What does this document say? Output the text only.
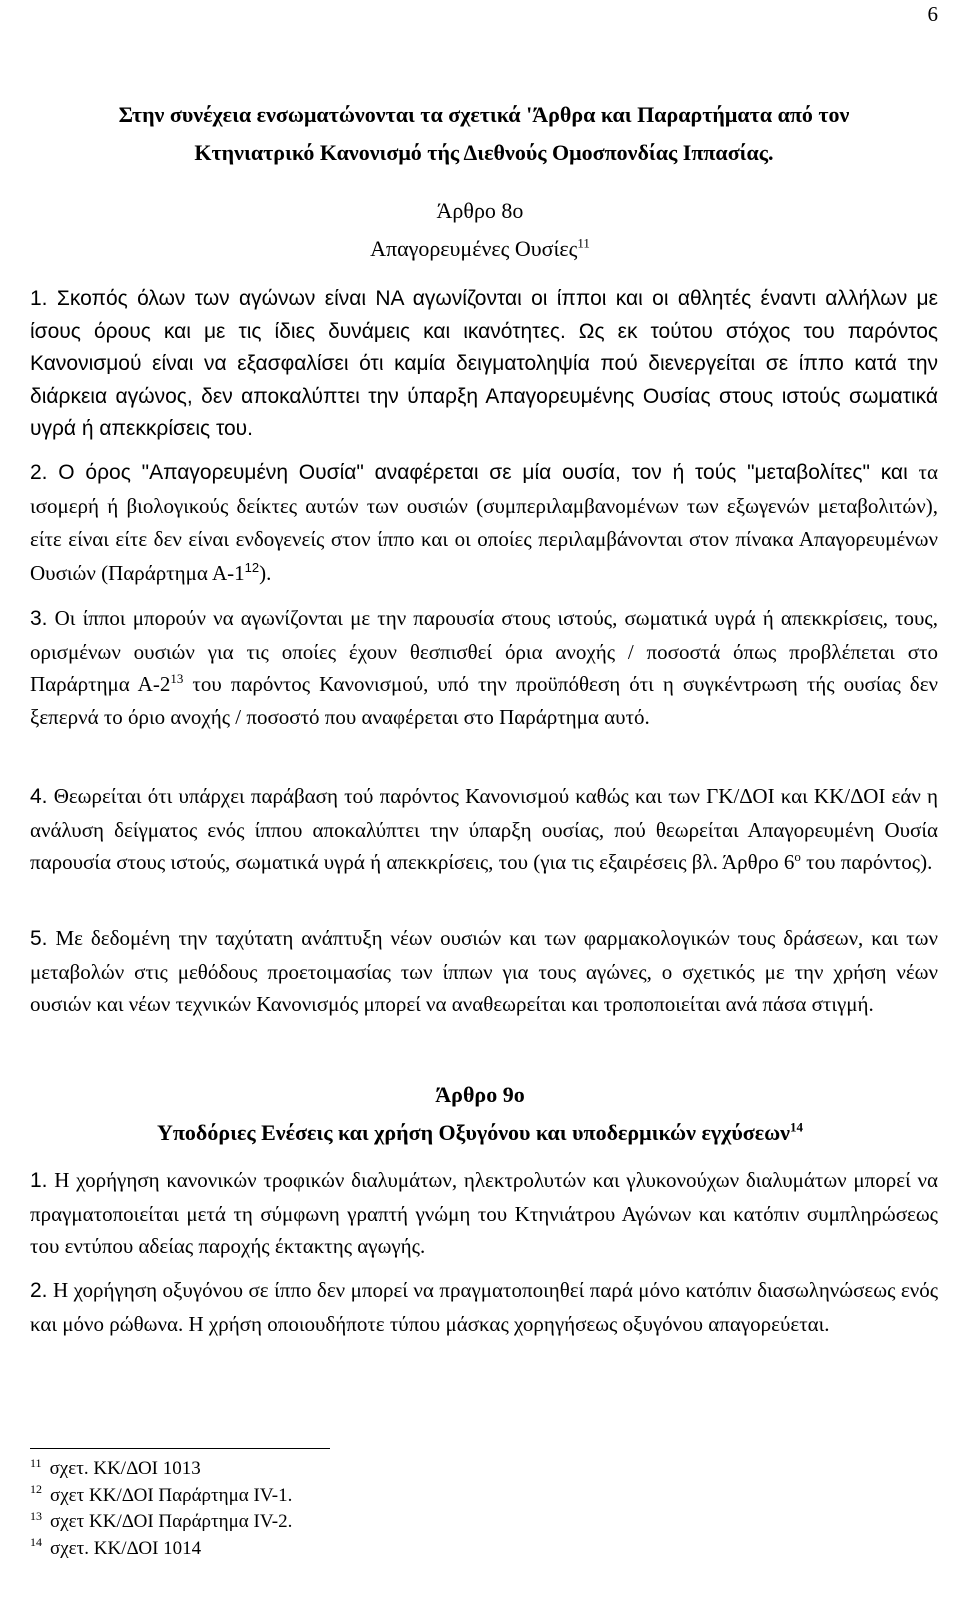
6
Στην συνέχεια ενσωματώνονται τα σχετικά 'Άρθρα και Παραρτήματα από τον
Κτηνιατρικό Κανονισμό τής Διεθνούς Ομοσπονδίας Ιππασίας.
Άρθρο 8ο
Απαγορευμένες Ουσίες$^{11}$
1. Σκοπός όλων των αγώνων είναι ΝΑ αγωνίζονται οι ίπποι και οι αθλητές έναντι αλλήλων με ίσους όρους και με τις ίδιες δυνάμεις και ικανότητες. Ως εκ τούτου στόχος του παρόντος Κανονισμού είναι να εξασφαλίσει ότι καμία δειγματοληψία πού διενεργείται σε ίππο κατά την διάρκεια αγώνος, δεν αποκαλύπτει την ύπαρξη Απαγορευμένης Ουσίας στους ιστούς σωματικά υγρά ή απεκκρίσεις του.
2. Ο όρος "Απαγορευμένη Ουσία" αναφέρεται σε μία ουσία, τον ή τούς "μεταβολίτες" και τα ισομερή ή βιολογικούς δείκτες αυτών των ουσιών (συμπεριλαμβανομένων των εξωγενών μεταβολιτών), είτε είναι είτε δεν είναι ενδογενείς στον ίππο και οι οποίες περιλαμβάνονται στον πίνακα Απαγορευμένων Ουσιών (Παράρτημα $A-1^{12}$).
3. Οι ίπποι μπορούν να αγωνίζονται με την παρουσία στους ιστούς, σωματικά υγρά ή απεκκρίσεις, τους, ορισμένων ουσιών για τις οποίες έχουν θεσπισθεί όρια ανοχής / ποσοστά όπως προβλέπεται στο Παράρτημα $A-2^{13}$ του παρόντος Κανονισμού, υπό την προϋπόθεση ότι η συγκέντρωση τής ουσίας δεν ξεπερνά το όριο ανοχής / ποσοστό που αναφέρεται στο Παράρτημα αυτό.
4. Θεωρείται ότι υπάρχει παράβαση τού παρόντος Κανονισμού καθώς και των ΓΚ/ΔΟΙ και ΚΚ/ΔΟΙ εάν η ανάλυση δείγματος ενός ίππου αποκαλύπτει την ύπαρξη ουσίας, πού θεωρείται Απαγορευμένη Ουσία παρουσία στους ιστούς, σωματικά υγρά ή απεκκρίσεις, του (για τις εξαιρέσεις βλ. Άρθρο $6^o$ του παρόντος).
5. Με δεδομένη την ταχύτατη ανάπτυξη νέων ουσιών και των φαρμακολογικών τους δράσεων, και των μεταβολών στις μεθόδους προετοιμασίας των ίππων για τους αγώνες, ο σχετικός με την χρήση νέων ουσιών και νέων τεχνικών Κανονισμός μπορεί να αναθεωρείται και τροποποιείται ανά πάσα στιγμή.
Άρθρο 9ο
Υποδόριες Ενέσεις και χρήση Οξυγόνου και υποδερμικών εγχύσεων$^{14}$
1. Η χορήγηση κανονικών τροφικών διαλυμάτων, ηλεκτρολυτών και γλυκονούχων διαλυμάτων μπορεί να πραγματοποιείται μετά τη σύμφωνη γραπτή γνώμη του Κτηνιάτρου Αγώνων και κατόπιν συμπληρώσεως του εντύπου αδείας παροχής έκτακτης αγωγής.
2. Η χορήγηση οξυγόνου σε ίππο δεν μπορεί να πραγματοποιηθεί παρά μόνο κατόπιν διασωληνώσεως ενός και μόνο ρώθωνα. Η χρήση οποιουδήποτε τύπου μάσκας χορηγήσεως οξυγόνου απαγορεύεται.
$^{11}$ σχετ. ΚΚ/ΔΟΙ 1013
$^{12}$ σχετ ΚΚ/ΔΟΙ Παράρτημα IV-1.
$^{13}$ σχετ ΚΚ/ΔΟΙ Παράρτημα IV-2.
$^{14}$ σχετ. ΚΚ/ΔΟΙ 1014
